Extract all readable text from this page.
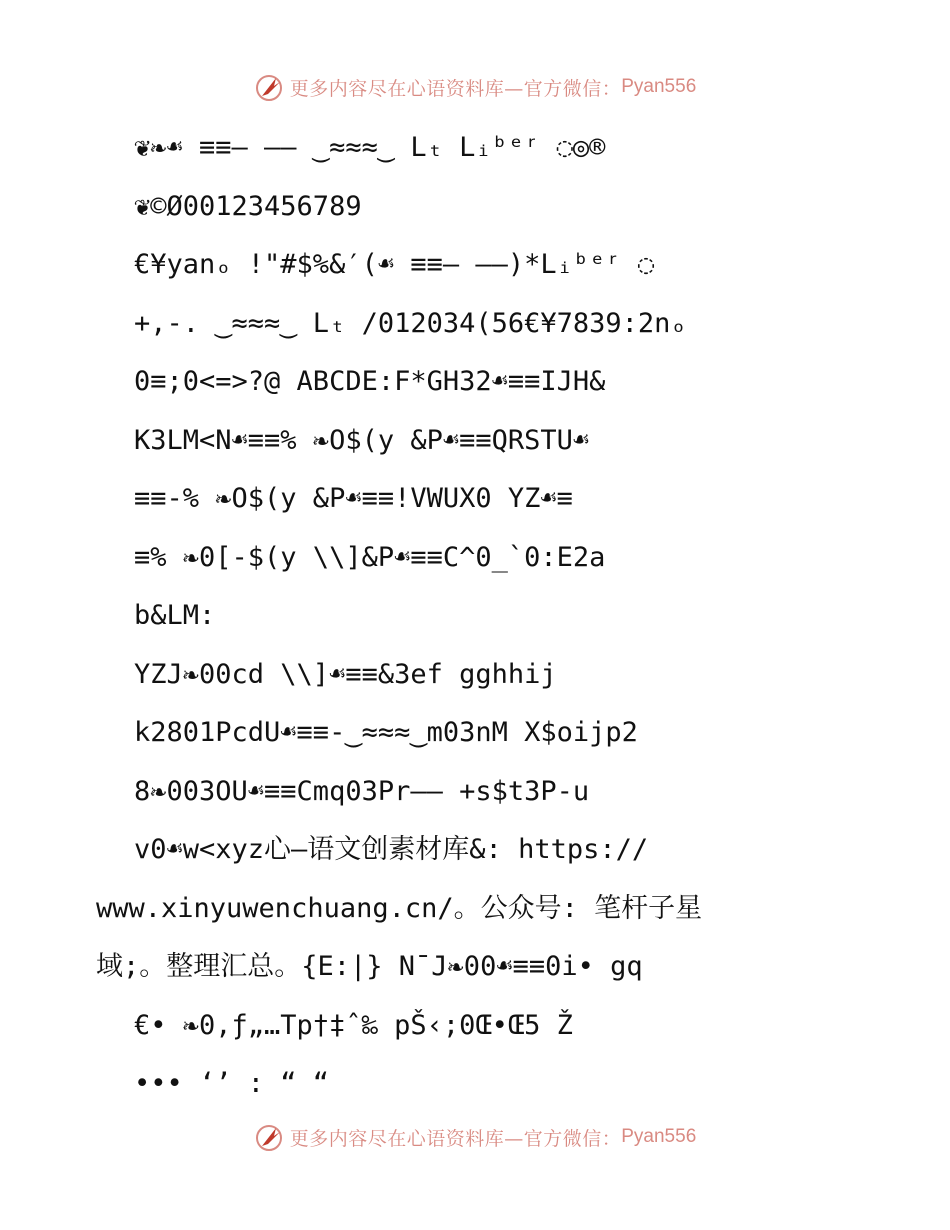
更多内容尽在心语资料库—官方微信： Pyan556
❦❧☙ ≡≡— —— ‿≈≈≈‿ Lₜ Lᵢᵇᵉʳ ◌◎®
❦©Ø00123456789
€¥yanₒ !"#$%&′(☙ ≡≡— ——)*Lᵢᵇᵉʳ ◌
+,-. ‿≈≈≈‿ Lₜ /012034(56€¥7839:2nₒ
0≡;0<=>?@ ABCDE:F*GH32☙≡≡IJH&
K3LM<N☙≡≡% ❧O$(y &P☙≡≡QRSTU☙
≡≡-% ❧O$(y &P☙≡≡!VWUX0 YZ☙≡
≡% ❧0[-$(y \\]&P☙≡≡C^0_`0:E2a
b&LM:
YZJ❧00cd \\]☙≡≡&3ef gghhij
k2801PcdU☙≡≡-‿≈≈≈‿m03nM X$oijp2
8❧003OU☙≡≡Cmq03Pr—— +s$t3P-u
v0☙w<xyz心—语文创素材库&: https://
www.xinyuwenchuang.cn/。公众号: 笔杆子星
域;。整理汇总。{E:|} N¯J❧00☙≡≡0i• gq
€• ❧0,ƒ„…Tp†‡ˆ‰ pŠ‹;0Œ•Œ5 Ž
••• ‘’ : “ “
更多内容尽在心语资料库—官方微信： Pyan556
